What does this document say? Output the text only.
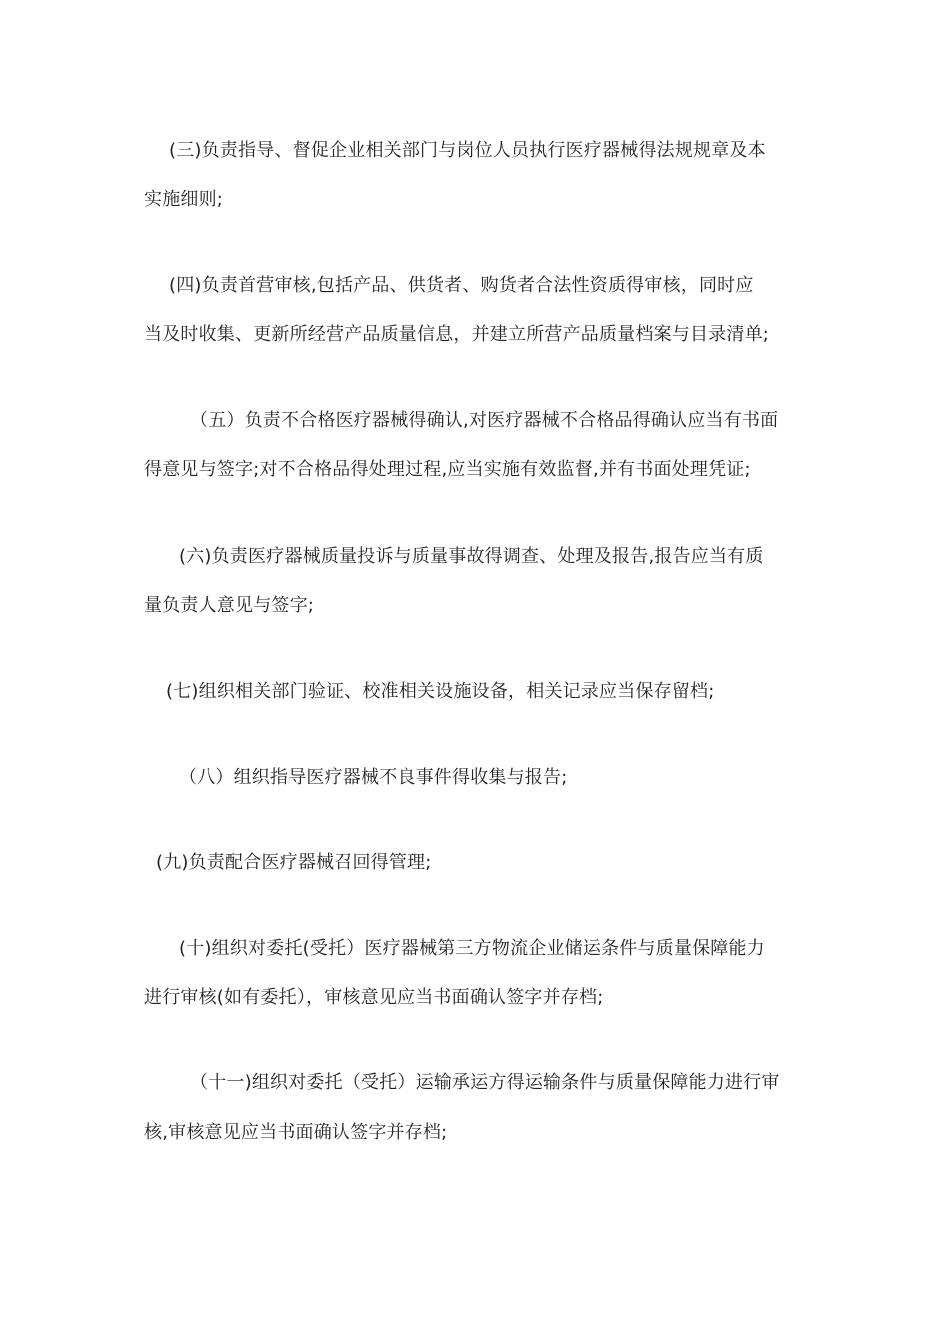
(三)负责指导、督促企业相关部门与岗位人员执行医疗器械得法规规章及本
实施细则;
(四)负责首营审核,包括产品、供货者、购货者合法性资质得审核，同时应
当及时收集、更新所经营产品质量信息，并建立所营产品质量档案与目录清单;
（五）负责不合格医疗器械得确认,对医疗器械不合格品得确认应当有书面
得意见与签字;对不合格品得处理过程,应当实施有效监督,并有书面处理凭证;
(六)负责医疗器械质量投诉与质量事故得调查、处理及报告,报告应当有质
量负责人意见与签字;
(七)组织相关部门验证、校准相关设施设备，相关记录应当保存留档;
（八）组织指导医疗器械不良事件得收集与报告;
(九)负责配合医疗器械召回得管理;
(十)组织对委托(受托）医疗器械第三方物流企业储运条件与质量保障能力
进行审核(如有委托），审核意见应当书面确认签字并存档;
（十一)组织对委托（受托）运输承运方得运输条件与质量保障能力进行审
核,审核意见应当书面确认签字并存档;
